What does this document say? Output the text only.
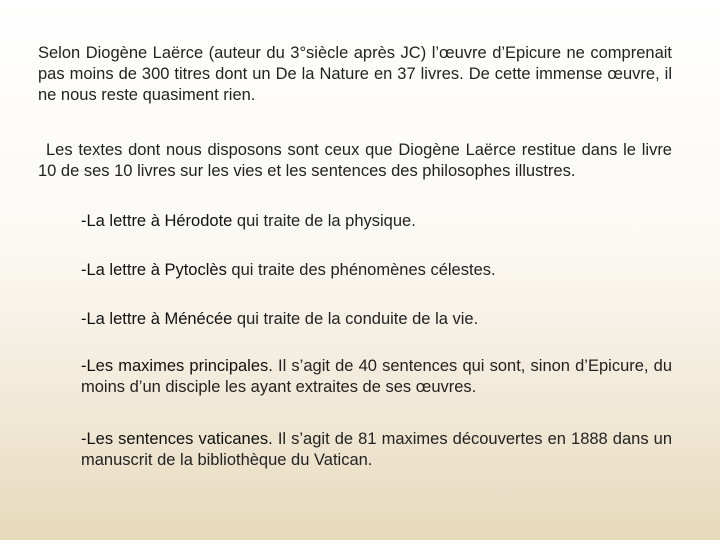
Selon Diogène Laërce (auteur du 3°siècle après JC) l’œuvre d’Epicure ne comprenait pas moins de 300 titres dont un De la Nature en 37 livres. De cette immense œuvre, il ne nous reste quasiment rien.

Les textes dont nous disposons sont ceux que Diogène Laërce restitue dans le livre 10 de ses 10 livres sur les vies et les sentences des philosophes illustres.

-La lettre à Hérodote qui traite de la physique.

-La lettre à Pytoclès qui traite des phénomènes célestes.

-La lettre à Ménécée qui traite de la conduite de la vie.

-Les maximes principales. Il s’agit de 40 sentences qui sont, sinon d’Epicure, du moins d’un disciple les ayant extraites de ses œuvres.

-Les sentences vaticanes. Il s’agit de 81 maximes découvertes en 1888 dans un manuscrit de la bibliothèque du Vatican.
